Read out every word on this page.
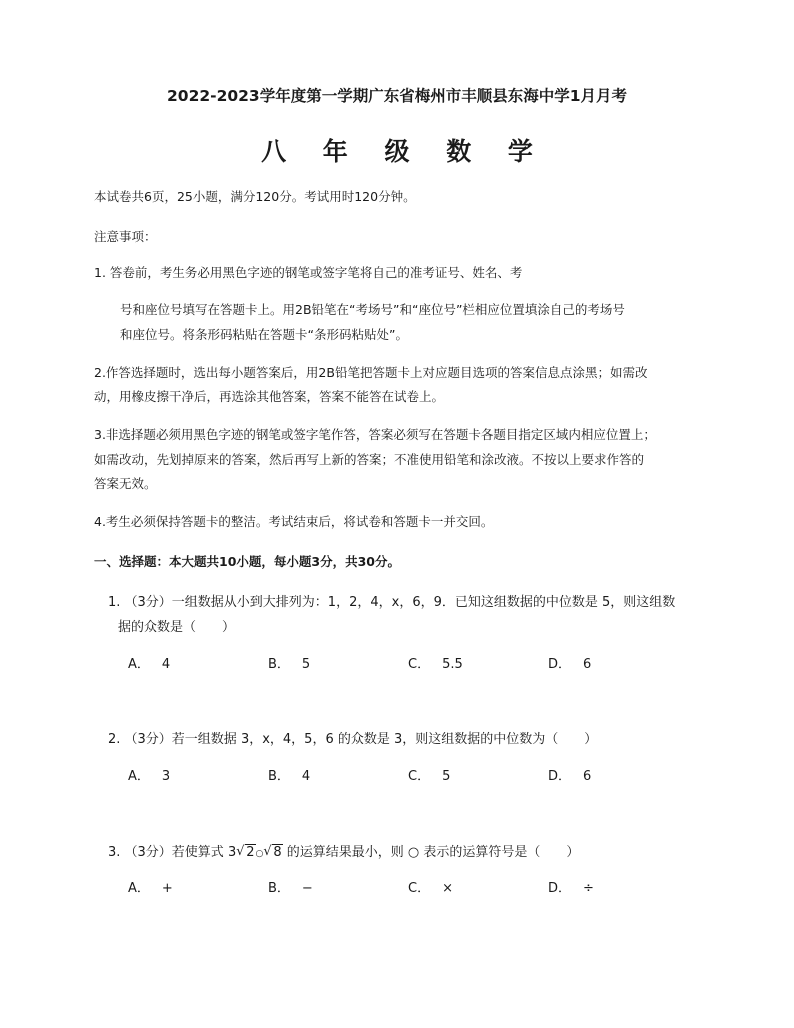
2022-2023学年度第一学期广东省梅州市丰顺县东海中学1月月考
八 年 级 数 学
本试卷共6页，25小题，满分120分。考试用时120分钟。
注意事项：
1. 答卷前，考生务必用黑色字迹的钢笔或签字笔将自己的准考证号、姓名、考
号和座位号填写在答题卡上。用2B铅笔在“考场号”和“座位号”栏相应位置填涂自己的考场号
和座位号。将条形码粘贴在答题卡“条形码粘贴处”。
2.作答选择题时，选出每小题答案后，用2B铅笔把答题卡上对应题目选项的答案信息点涂黑；如需改
动，用橡皮擦干净后，再选涂其他答案，答案不能答在试卷上。
3.非选择题必须用黑色字迹的钢笔或签字笔作答，答案必须写在答题卡各题目指定区域内相应位置上；
如需改动，先划掉原来的答案，然后再写上新的答案；不准使用铅笔和涂改液。不按以上要求作答的
答案无效。
4.考生必须保持答题卡的整洁。考试结束后，将试卷和答题卡一并交回。
一、选择题：本大题共10小题，每小题3分，共30分。
1. （3分）一组数据从小到大排列为：1，2，4，x，6，9．已知这组数据的中位数是 5，则这组数
据的众数是（　　）
A． 4	B． 5	C． 5.5	D． 6
2. （3分）若一组数据 3，x，4，5，6 的众数是 3，则这组数据的中位数为（　　）
A． 3	B． 4	C． 5	D． 6
3. （3分）若使算式 3 √ 2○ √ 8 的运算结果最小，则 ○ 表示的运算符号是（　　）
A． +	B． −	C． ×	D． ÷
